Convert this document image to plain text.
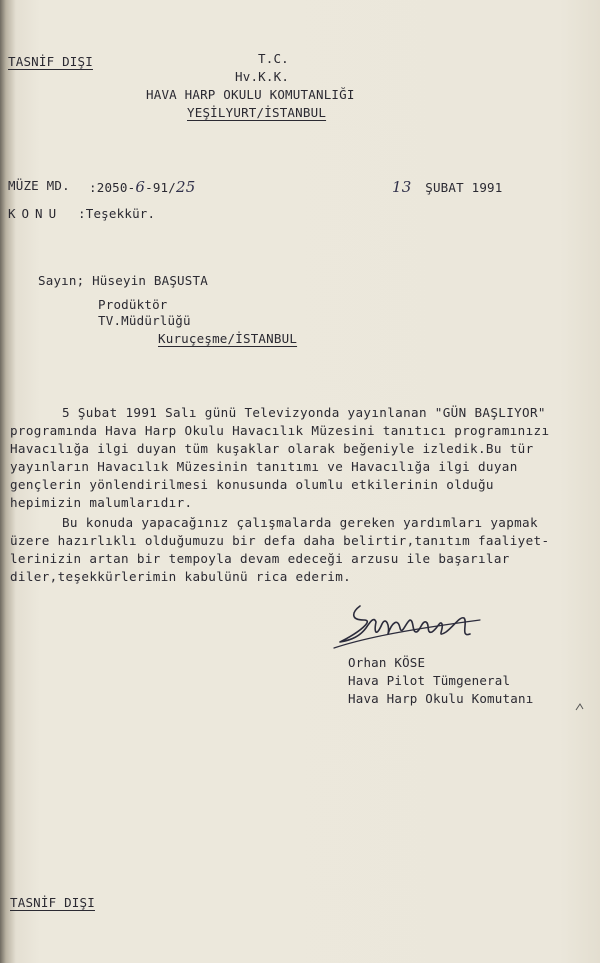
TASNİF DIŞI	T.C.
Hv.K.K.
HAVA HARP OKULU KOMUTANLIĞI
YEŞİLYURT/İSTANBUL
MÜZE MD. :2050-6-91/25	13 ŞUBAT 1991
KONU :Teşekkür.
Sayın; Hüseyin BAŞUSTA
Prodüktör
TV.Müdürlüğü
Kuruçeşme/İSTANBUL
5 Şubat 1991 Salı günü Televizyonda yayınlanan "GÜN BAŞLIYOR"
programında Hava Harp Okulu Havacılık Müzesini tanıtıcı programınızı
Havacılığa ilgi duyan tüm kuşaklar olarak beğeniyle izledik.Bu tür
yayınların Havacılık Müzesinin tanıtımı ve Havacılığa ilgi duyan
gençlerin yönlendirilmesi konusunda olumlu etkilerinin olduğu
hepimizin malumlarıdır.
Bu konuda yapacağınız çalışmalarda gereken yardımları yapmak
üzere hazırlıklı olduğumuzu bir defa daha belirtir,tanıtım faaliyet-
lerinizin artan bir tempoyla devam edeceği arzusu ile başarılar
diler,teşekkürlerimin kabulünü rica ederim.
Orhan KÖSE
Hava Pilot Tümgeneral
Hava Harp Okulu Komutanı
TASNİF DIŞI
